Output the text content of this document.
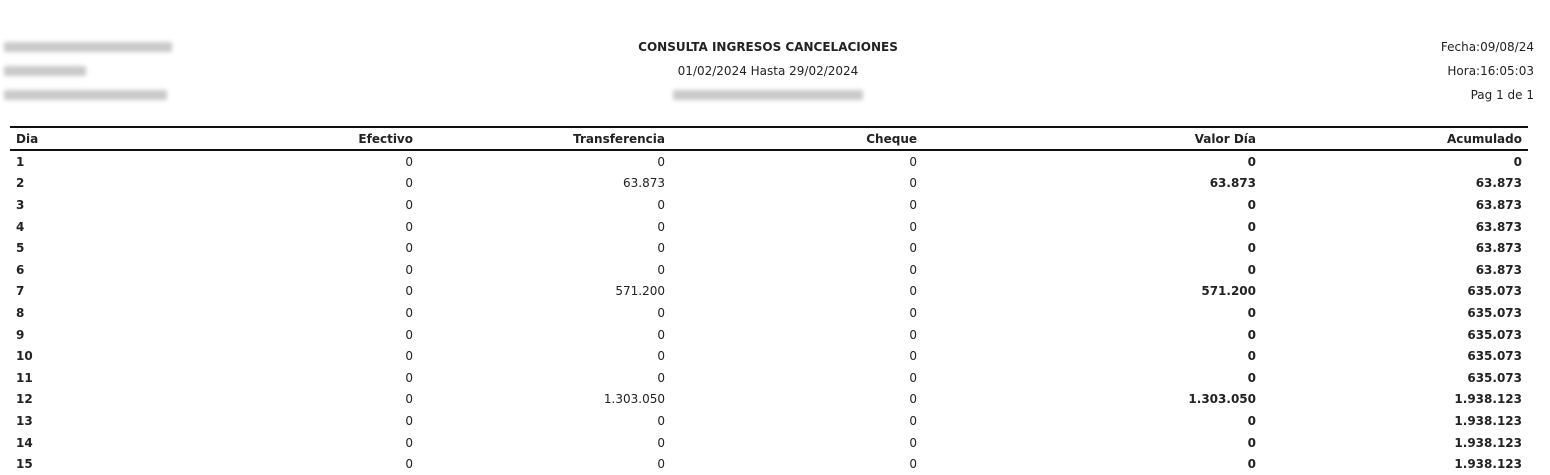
CONSULTA INGRESOS CANCELACIONES
01/02/2024 Hasta 29/02/2024
Fecha:09/08/24
Hora:16:05:03
Pag 1 de 1
Dia	Efectivo	Transferencia	Cheque	Valor Día	Acumulado
1	0	0	0	0	0
2	0	63.873	0	63.873	63.873
3	0	0	0	0	63.873
4	0	0	0	0	63.873
5	0	0	0	0	63.873
6	0	0	0	0	63.873
7	0	571.200	0	571.200	635.073
8	0	0	0	0	635.073
9	0	0	0	0	635.073
10	0	0	0	0	635.073
11	0	0	0	0	635.073
12	0	1.303.050	0	1.303.050	1.938.123
13	0	0	0	0	1.938.123
14	0	0	0	0	1.938.123
15	0	0	0	0	1.938.123
